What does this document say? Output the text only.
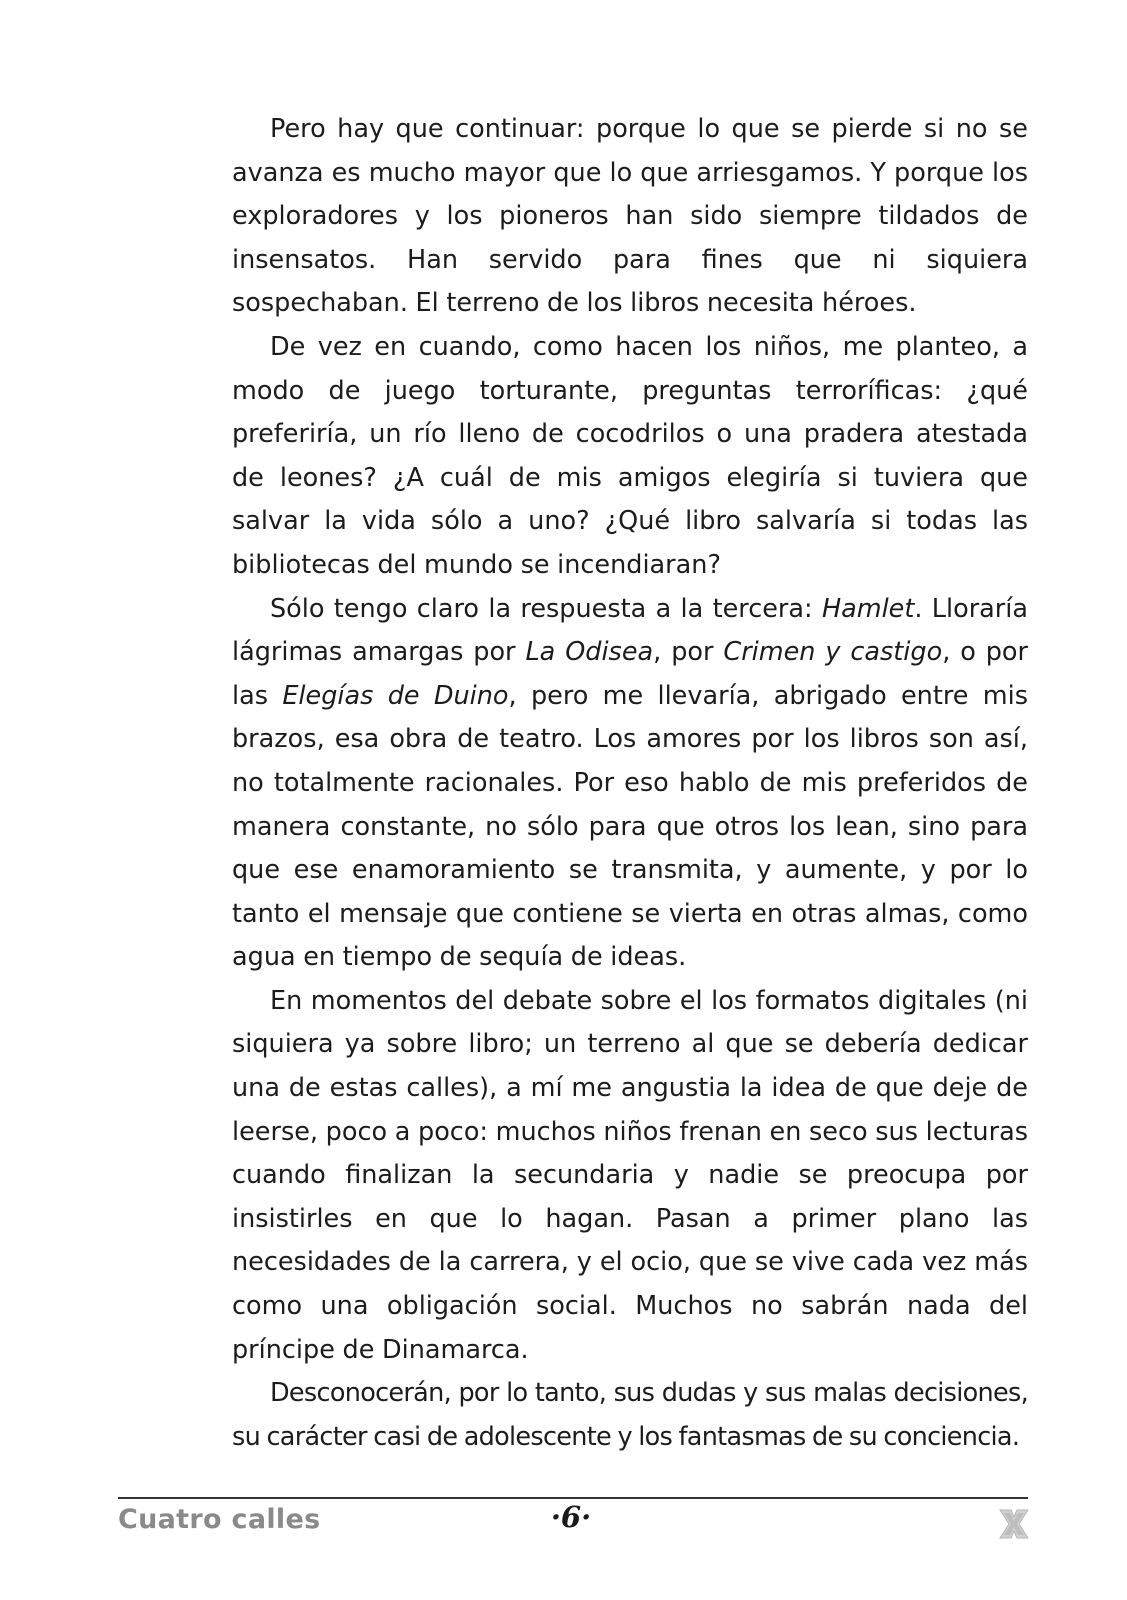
Pero hay que continuar: porque lo que se pierde si no se avanza es mucho mayor que lo que arriesgamos. Y porque los exploradores y los pioneros han sido siempre tildados de insensatos. Han servido para fines que ni siquiera sospechaban. El terreno de los libros necesita héroes.

De vez en cuando, como hacen los niños, me planteo, a modo de juego torturante, preguntas terroríficas: ¿qué preferiría, un río lleno de cocodrilos o una pradera atestada de leones? ¿A cuál de mis amigos elegiría si tuviera que salvar la vida sólo a uno? ¿Qué libro salvaría si todas las bibliotecas del mundo se incendiaran?

Sólo tengo claro la respuesta a la tercera: Hamlet. Lloraría lágrimas amargas por La Odisea, por Crimen y castigo, o por las Elegías de Duino, pero me llevaría, abrigado entre mis brazos, esa obra de teatro. Los amores por los libros son así, no totalmente racionales. Por eso hablo de mis preferidos de manera constante, no sólo para que otros los lean, sino para que ese enamoramiento se transmita, y aumente, y por lo tanto el mensaje que contiene se vierta en otras almas, como agua en tiempo de sequía de ideas.

En momentos del debate sobre el los formatos digitales (ni siquiera ya sobre libro; un terreno al que se debería dedicar una de estas calles), a mí me angustia la idea de que deje de leerse, poco a poco: muchos niños frenan en seco sus lecturas cuando finalizan la secundaria y nadie se preocupa por insistirles en que lo hagan. Pasan a primer plano las necesidades de la carrera, y el ocio, que se vive cada vez más como una obligación social. Muchos no sabrán nada del príncipe de Dinamarca.

Desconocerán, por lo tanto, sus dudas y sus malas decisiones, su carácter casi de adolescente y los fantasmas de su conciencia.

Cuatro calles	·6·
